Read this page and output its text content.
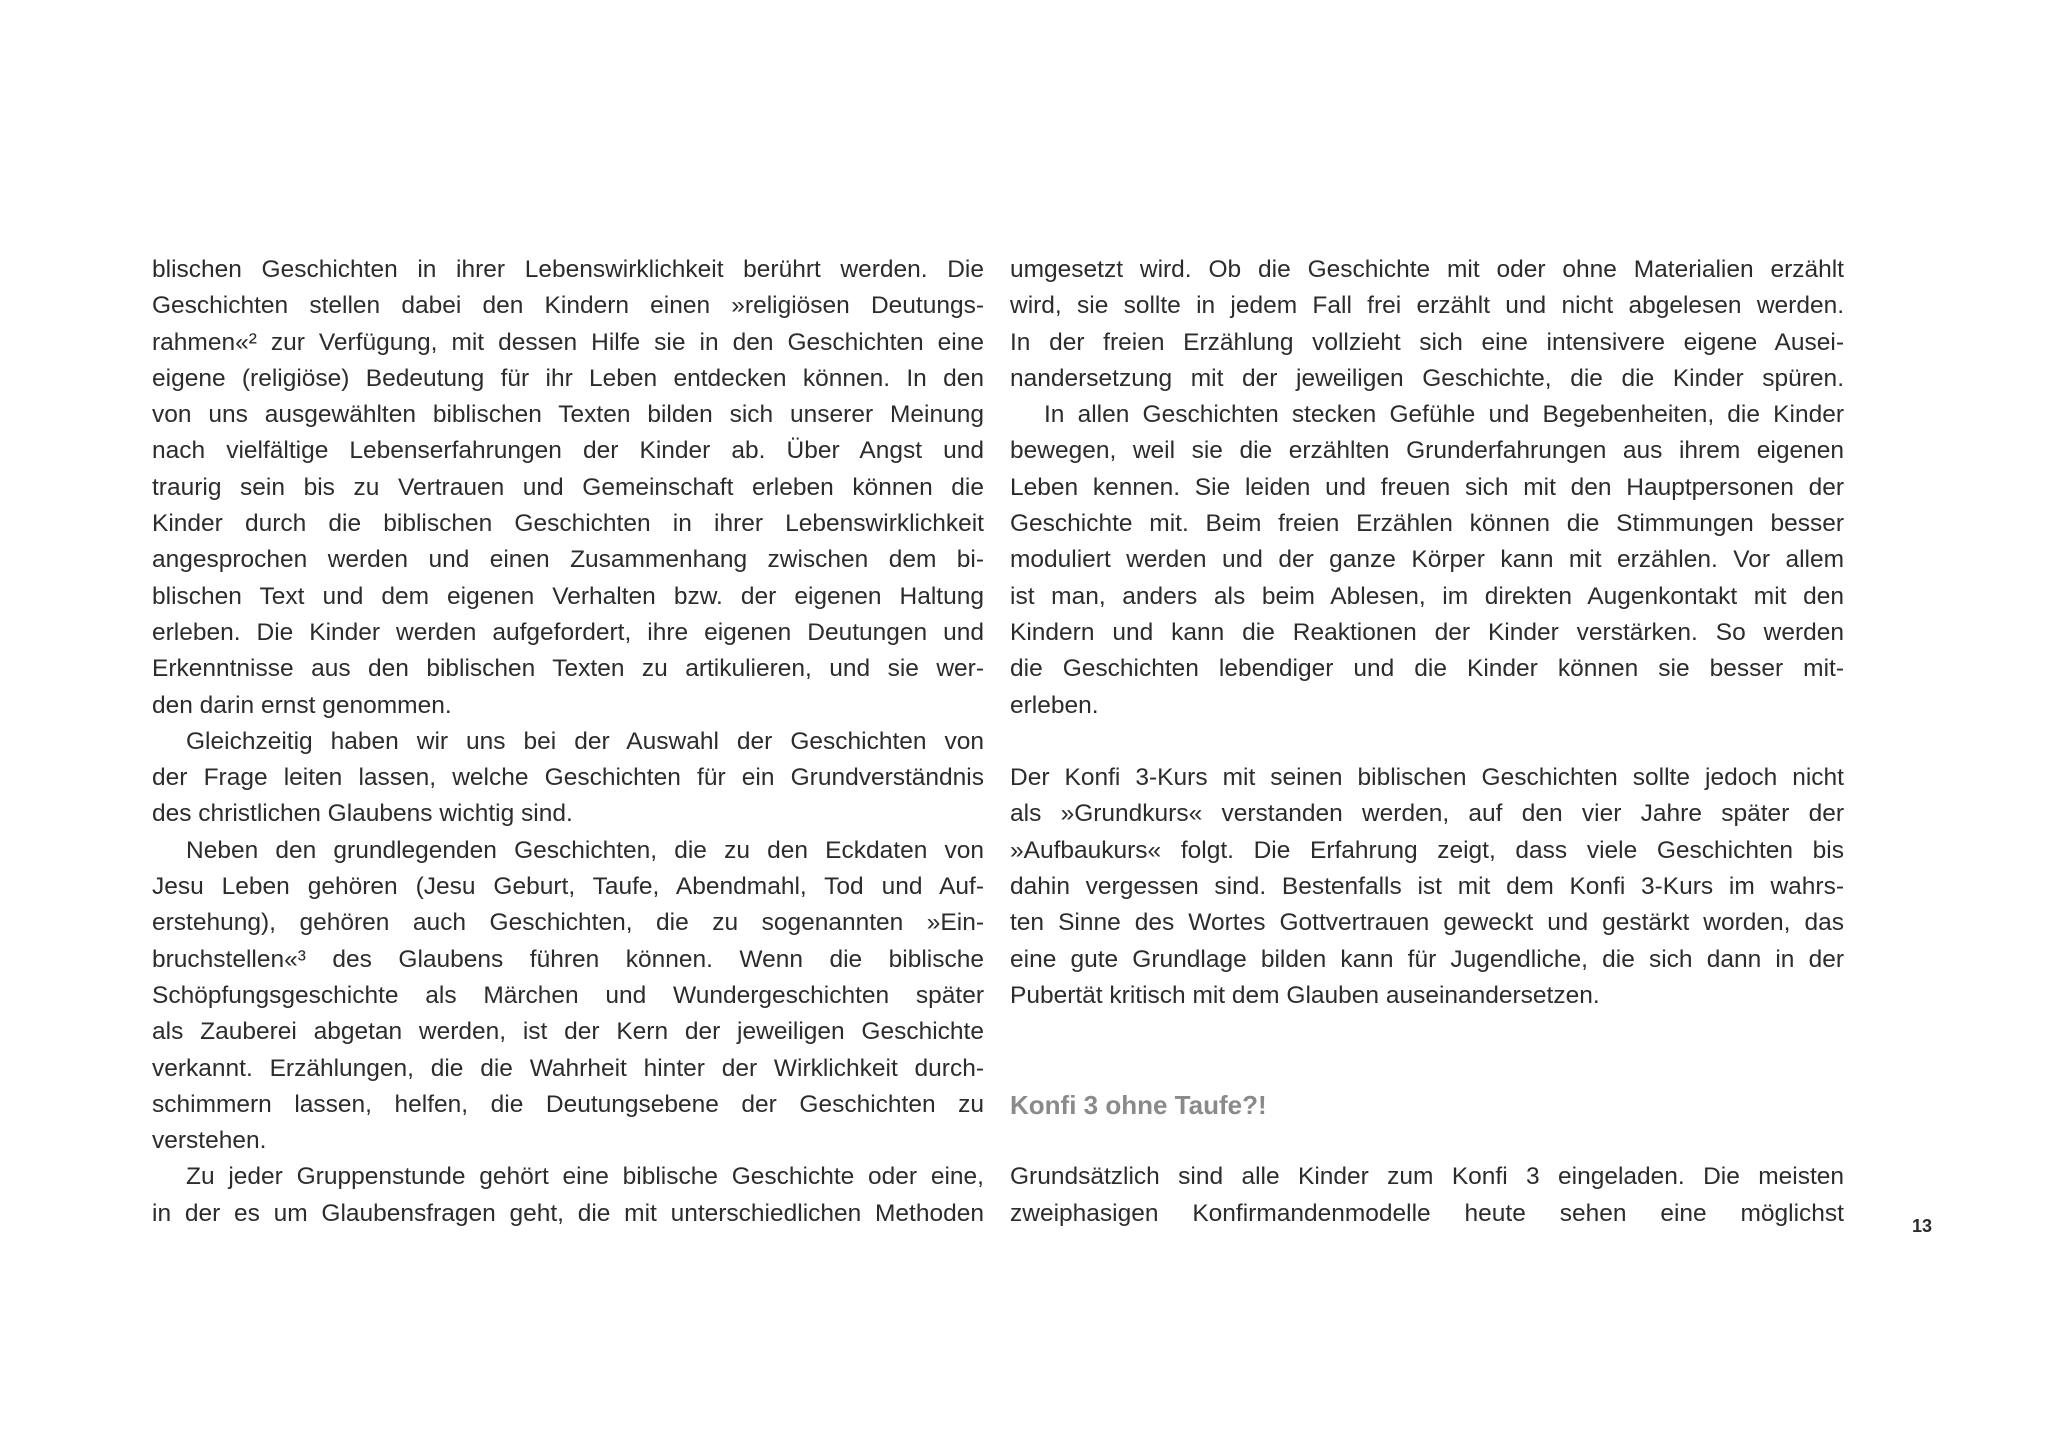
blischen Geschichten in ihrer Lebenswirklichkeit berührt werden. Die
Geschichten stellen dabei den Kindern einen »religiösen Deutungs-
rahmen«² zur Verfügung, mit dessen Hilfe sie in den Geschichten eine
eigene (religiöse) Bedeutung für ihr Leben entdecken können. In den
von uns ausgewählten biblischen Texten bilden sich unserer Meinung
nach vielfältige Lebenserfahrungen der Kinder ab. Über Angst und
traurig sein bis zu Vertrauen und Gemeinschaft erleben können die
Kinder durch die biblischen Geschichten in ihrer Lebenswirklichkeit
angesprochen werden und einen Zusammenhang zwischen dem bi-
blischen Text und dem eigenen Verhalten bzw. der eigenen Haltung
erleben. Die Kinder werden aufgefordert, ihre eigenen Deutungen und
Erkenntnisse aus den biblischen Texten zu artikulieren, und sie wer-
den darin ernst genommen.
Gleichzeitig haben wir uns bei der Auswahl der Geschichten von
der Frage leiten lassen, welche Geschichten für ein Grundverständnis
des christlichen Glaubens wichtig sind.
Neben den grundlegenden Geschichten, die zu den Eckdaten von
Jesu Leben gehören (Jesu Geburt, Taufe, Abendmahl, Tod und Auf-
erstehung), gehören auch Geschichten, die zu sogenannten »Ein-
bruchstellen«³ des Glaubens führen können. Wenn die biblische
Schöpfungsgeschichte als Märchen und Wundergeschichten später
als Zauberei abgetan werden, ist der Kern der jeweiligen Geschichte
verkannt. Erzählungen, die die Wahrheit hinter der Wirklichkeit durch-
schimmern lassen, helfen, die Deutungsebene der Geschichten zu
verstehen.
Zu jeder Gruppenstunde gehört eine biblische Geschichte oder eine,
in der es um Glaubensfragen geht, die mit unterschiedlichen Methoden
umgesetzt wird. Ob die Geschichte mit oder ohne Materialien erzählt
wird, sie sollte in jedem Fall frei erzählt und nicht abgelesen werden.
In der freien Erzählung vollzieht sich eine intensivere eigene Ausei-
nandersetzung mit der jeweiligen Geschichte, die die Kinder spüren.
In allen Geschichten stecken Gefühle und Begebenheiten, die Kinder
bewegen, weil sie die erzählten Grunderfahrungen aus ihrem eigenen
Leben kennen. Sie leiden und freuen sich mit den Hauptpersonen der
Geschichte mit. Beim freien Erzählen können die Stimmungen besser
moduliert werden und der ganze Körper kann mit erzählen. Vor allem
ist man, anders als beim Ablesen, im direkten Augenkontakt mit den
Kindern und kann die Reaktionen der Kinder verstärken. So werden
die Geschichten lebendiger und die Kinder können sie besser mit-
erleben.
Der Konfi 3-Kurs mit seinen biblischen Geschichten sollte jedoch nicht
als »Grundkurs« verstanden werden, auf den vier Jahre später der
»Aufbaukurs« folgt. Die Erfahrung zeigt, dass viele Geschichten bis
dahin vergessen sind. Bestenfalls ist mit dem Konfi 3-Kurs im wahrs-
ten Sinne des Wortes Gottvertrauen geweckt und gestärkt worden, das
eine gute Grundlage bilden kann für Jugendliche, die sich dann in der
Pubertät kritisch mit dem Glauben auseinandersetzen.
Konfi 3 ohne Taufe?!
Grundsätzlich sind alle Kinder zum Konfi 3 eingeladen. Die meisten
zweiphasigen Konfirmandenmodelle heute sehen eine möglichst	13
